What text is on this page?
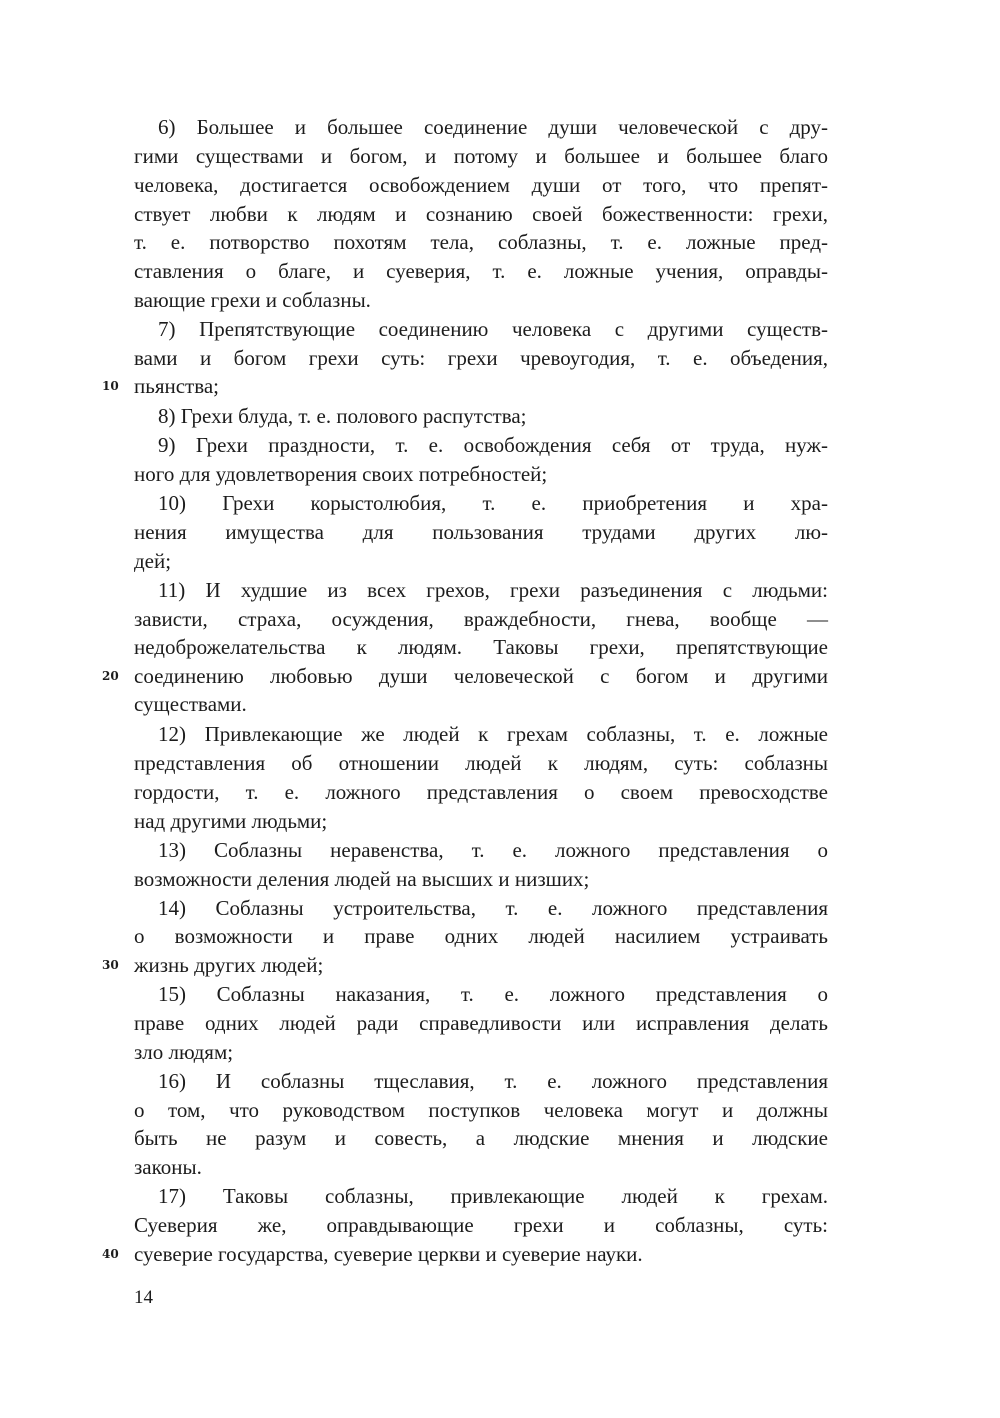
6) Большее и большее соединение души человеческой с дру-
гими существами и богом, и потому и большее и большее благо
человека, достигается освобождением души от того, что препят-
ствует любви к людям и сознанию своей божественности: грехи,
т. е. потворство похотям тела, соблазны, т. е. ложные пред-
ставления о благе, и суеверия, т. е. ложные учения, оправды-
вающие грехи и соблазны.
7) Препятствующие соединению человека с другими существ-
вами и богом грехи суть: грехи чревоугодия, т. е. объедения,
10 пьянства;
8) Грехи блуда, т. е. полового распутства;
9) Грехи праздности, т. е. освобождения себя от труда, нуж-
ного для удовлетворения своих потребностей;
10) Грехи корыстолюбия, т. е. приобретения и хра-
нения имущества для пользования трудами других лю-
дей;
11) И худшие из всех грехов, грехи разъединения с людьми:
зависти, страха, осуждения, враждебности, гнева, вообще —
недоброжелательства к людям. Таковы грехи, препятствующие
20 соединению любовью души человеческой с богом и другими
существами.
12) Привлекающие же людей к грехам соблазны, т. е. ложные
представления об отношении людей к людям, суть: соблазны
гордости, т. е. ложного представления о своем превосходстве
над другими людьми;
13) Соблазны неравенства, т. е. ложного представления о
возможности деления людей на высших и низших;
14) Соблазны устроительства, т. е. ложного представления
о возможности и праве одних людей насилием устраивать
30 жизнь других людей;
15) Соблазны наказания, т. е. ложного представления о
праве одних людей ради справедливости или исправления делать
зло людям;
16) И соблазны тщеславия, т. е. ложного представления
о том, что руководством поступков человека могут и должны
быть не разум и совесть, а людские мнения и людские
законы.
17) Таковы соблазны, привлекающие людей к грехам.
Суеверия же, оправдывающие грехи и соблазны, суть:
40 суеверие государства, суеверие церкви и суеверие науки.
14
